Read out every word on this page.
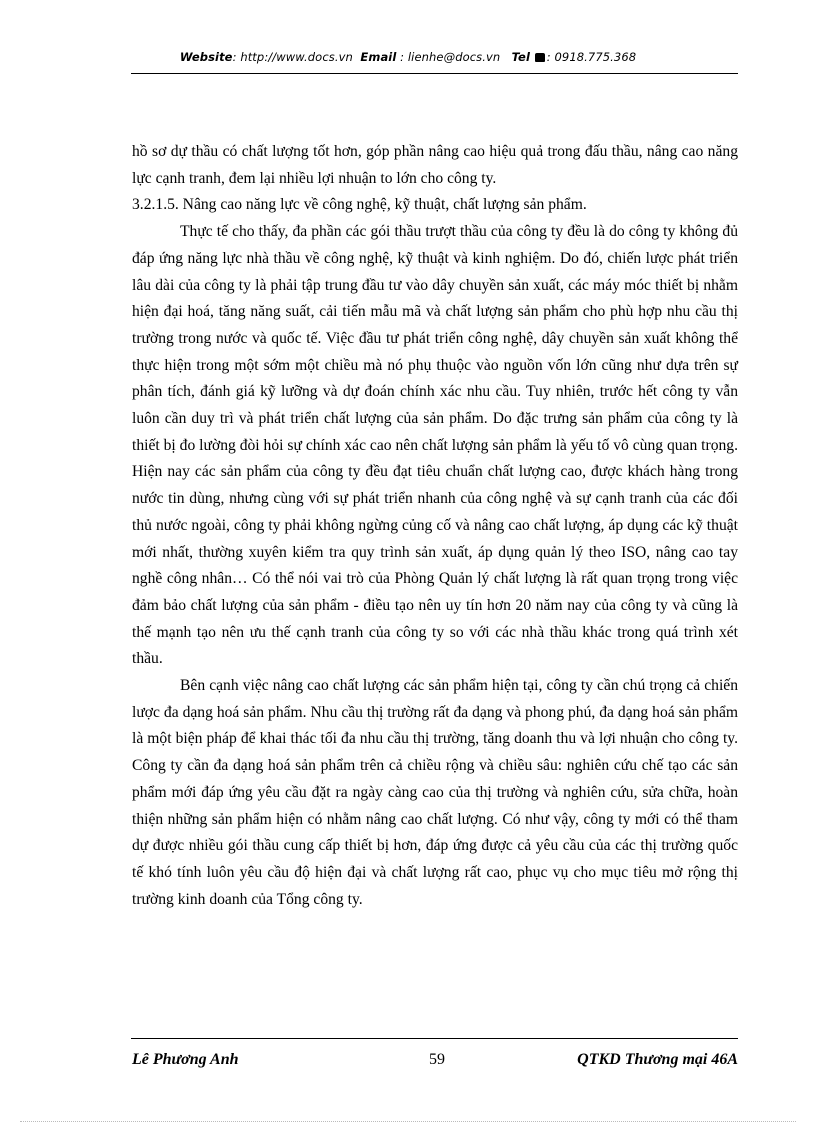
Website: http://www.docs.vn Email : lienhe@docs.vn Tel : 0918.775.368

hồ sơ dự thầu có chất lượng tốt hơn, góp phần nâng cao hiệu quả trong đấu thầu, nâng cao năng lực cạnh tranh, đem lại nhiều lợi nhuận to lớn cho công ty.

3.2.1.5. Nâng cao năng lực về công nghệ, kỹ thuật, chất lượng sản phẩm.

Thực tế cho thấy, đa phần các gói thầu trượt thầu của công ty đều là do công ty không đủ đáp ứng năng lực nhà thầu về công nghệ, kỹ thuật và kinh nghiệm. Do đó, chiến lược phát triển lâu dài của công ty là phải tập trung đầu tư vào dây chuyền sản xuất, các máy móc thiết bị nhằm hiện đại hoá, tăng năng suất, cải tiến mẫu mã và chất lượng sản phẩm cho phù hợp nhu cầu thị trường trong nước và quốc tế. Việc đầu tư phát triển công nghệ, dây chuyền sản xuất không thể thực hiện trong một sớm một chiều mà nó phụ thuộc vào nguồn vốn lớn cũng như dựa trên sự phân tích, đánh giá kỹ lưỡng và dự đoán chính xác nhu cầu. Tuy nhiên, trước hết công ty vẫn luôn cần duy trì và phát triển chất lượng của sản phẩm. Do đặc trưng sản phẩm của công ty là thiết bị đo lường đòi hỏi sự chính xác cao nên chất lượng sản phẩm là yếu tố vô cùng quan trọng. Hiện nay các sản phẩm của công ty đều đạt tiêu chuẩn chất lượng cao, được khách hàng trong nước tin dùng, nhưng cùng với sự phát triển nhanh của công nghệ và sự cạnh tranh của các đối thủ nước ngoài, công ty phải không ngừng củng cố và nâng cao chất lượng, áp dụng các kỹ thuật mới nhất, thường xuyên kiểm tra quy trình sản xuất, áp dụng quản lý theo ISO, nâng cao tay nghề công nhân… Có thể nói vai trò của Phòng Quản lý chất lượng là rất quan trọng trong việc đảm bảo chất lượng của sản phẩm - điều tạo nên uy tín hơn 20 năm nay của công ty và cũng là thế mạnh tạo nên ưu thế cạnh tranh của công ty so với các nhà thầu khác trong quá trình xét thầu.

Bên cạnh việc nâng cao chất lượng các sản phẩm hiện tại, công ty cần chú trọng cả chiến lược đa dạng hoá sản phẩm. Nhu cầu thị trường rất đa dạng và phong phú, đa dạng hoá sản phẩm là một biện pháp để khai thác tối đa nhu cầu thị trường, tăng doanh thu và lợi nhuận cho công ty. Công ty cần đa dạng hoá sản phẩm trên cả chiều rộng và chiều sâu: nghiên cứu chế tạo các sản phẩm mới đáp ứng yêu cầu đặt ra ngày càng cao của thị trường và nghiên cứu, sửa chữa, hoàn thiện những sản phẩm hiện có nhằm nâng cao chất lượng. Có như vậy, công ty mới có thể tham dự được nhiều gói thầu cung cấp thiết bị hơn, đáp ứng được cả yêu cầu của các thị trường quốc tế khó tính luôn yêu cầu độ hiện đại và chất lượng rất cao, phục vụ cho mục tiêu mở rộng thị trường kinh doanh của Tổng công ty.

Lê Phương Anh	59	QTKD Thương mại 46A
